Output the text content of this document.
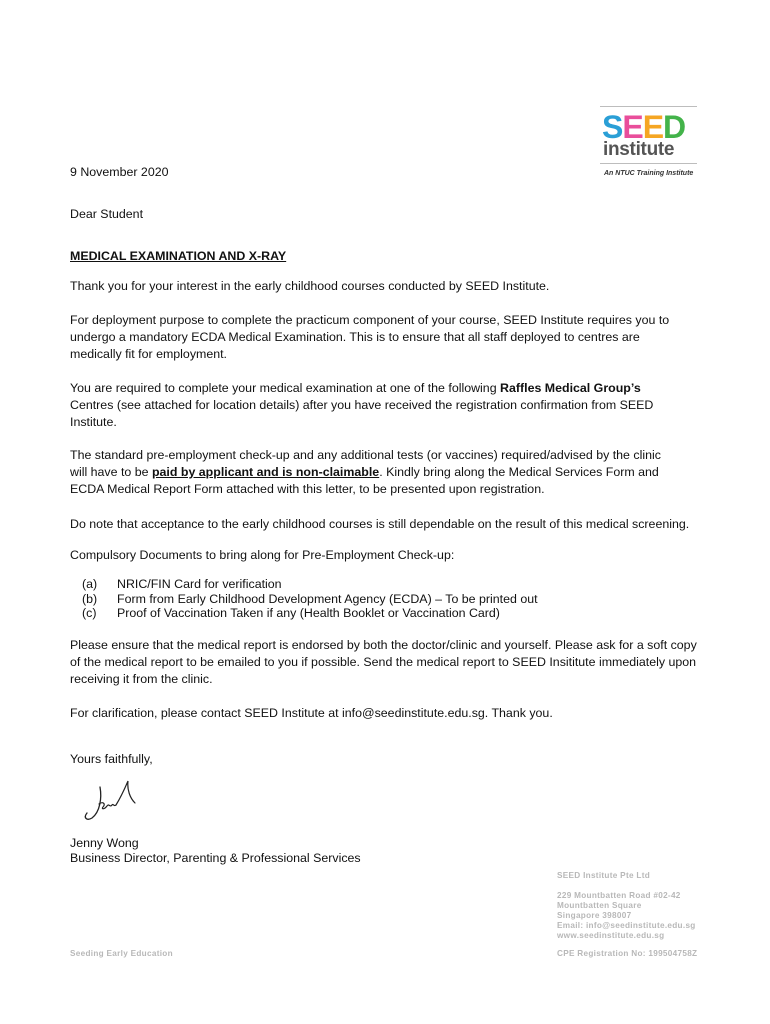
SEED
institute
An NTUC Training Institute
9 November 2020
Dear Student
MEDICAL EXAMINATION AND X-RAY
Thank you for your interest in the early childhood courses conducted by SEED Institute.
For deployment purpose to complete the practicum component of your course, SEED Institute requires you to
undergo a mandatory ECDA Medical Examination. This is to ensure that all staff deployed to centres are
medically fit for employment.
You are required to complete your medical examination at one of the following Raffles Medical Group’s
Centres (see attached for location details) after you have received the registration confirmation from SEED
Institute.
The standard pre-employment check-up and any additional tests (or vaccines) required/advised by the clinic
will have to be paid by applicant and is non-claimable. Kindly bring along the Medical Services Form and
ECDA Medical Report Form attached with this letter, to be presented upon registration.
Do note that acceptance to the early childhood courses is still dependable on the result of this medical screening.
Compulsory Documents to bring along for Pre-Employment Check-up:
(a)	NRIC/FIN Card for verification
(b)	Form from Early Childhood Development Agency (ECDA) – To be printed out
(c)	Proof of Vaccination Taken if any (Health Booklet or Vaccination Card)
Please ensure that the medical report is endorsed by both the doctor/clinic and yourself. Please ask for a soft copy
of the medical report to be emailed to you if possible. Send the medical report to SEED Insititute immediately upon
receiving it from the clinic.
For clarification, please contact SEED Institute at info@seedinstitute.edu.sg. Thank you.
Yours faithfully,
Jenny Wong
Business Director, Parenting & Professional Services
Seeding Early Education
SEED Institute Pte Ltd
229 Mountbatten Road #02-42
Mountbatten Square
Singapore 398007
Email: info@seedinstitute.edu.sg
www.seedinstitute.edu.sg
CPE Registration No: 199504758Z
